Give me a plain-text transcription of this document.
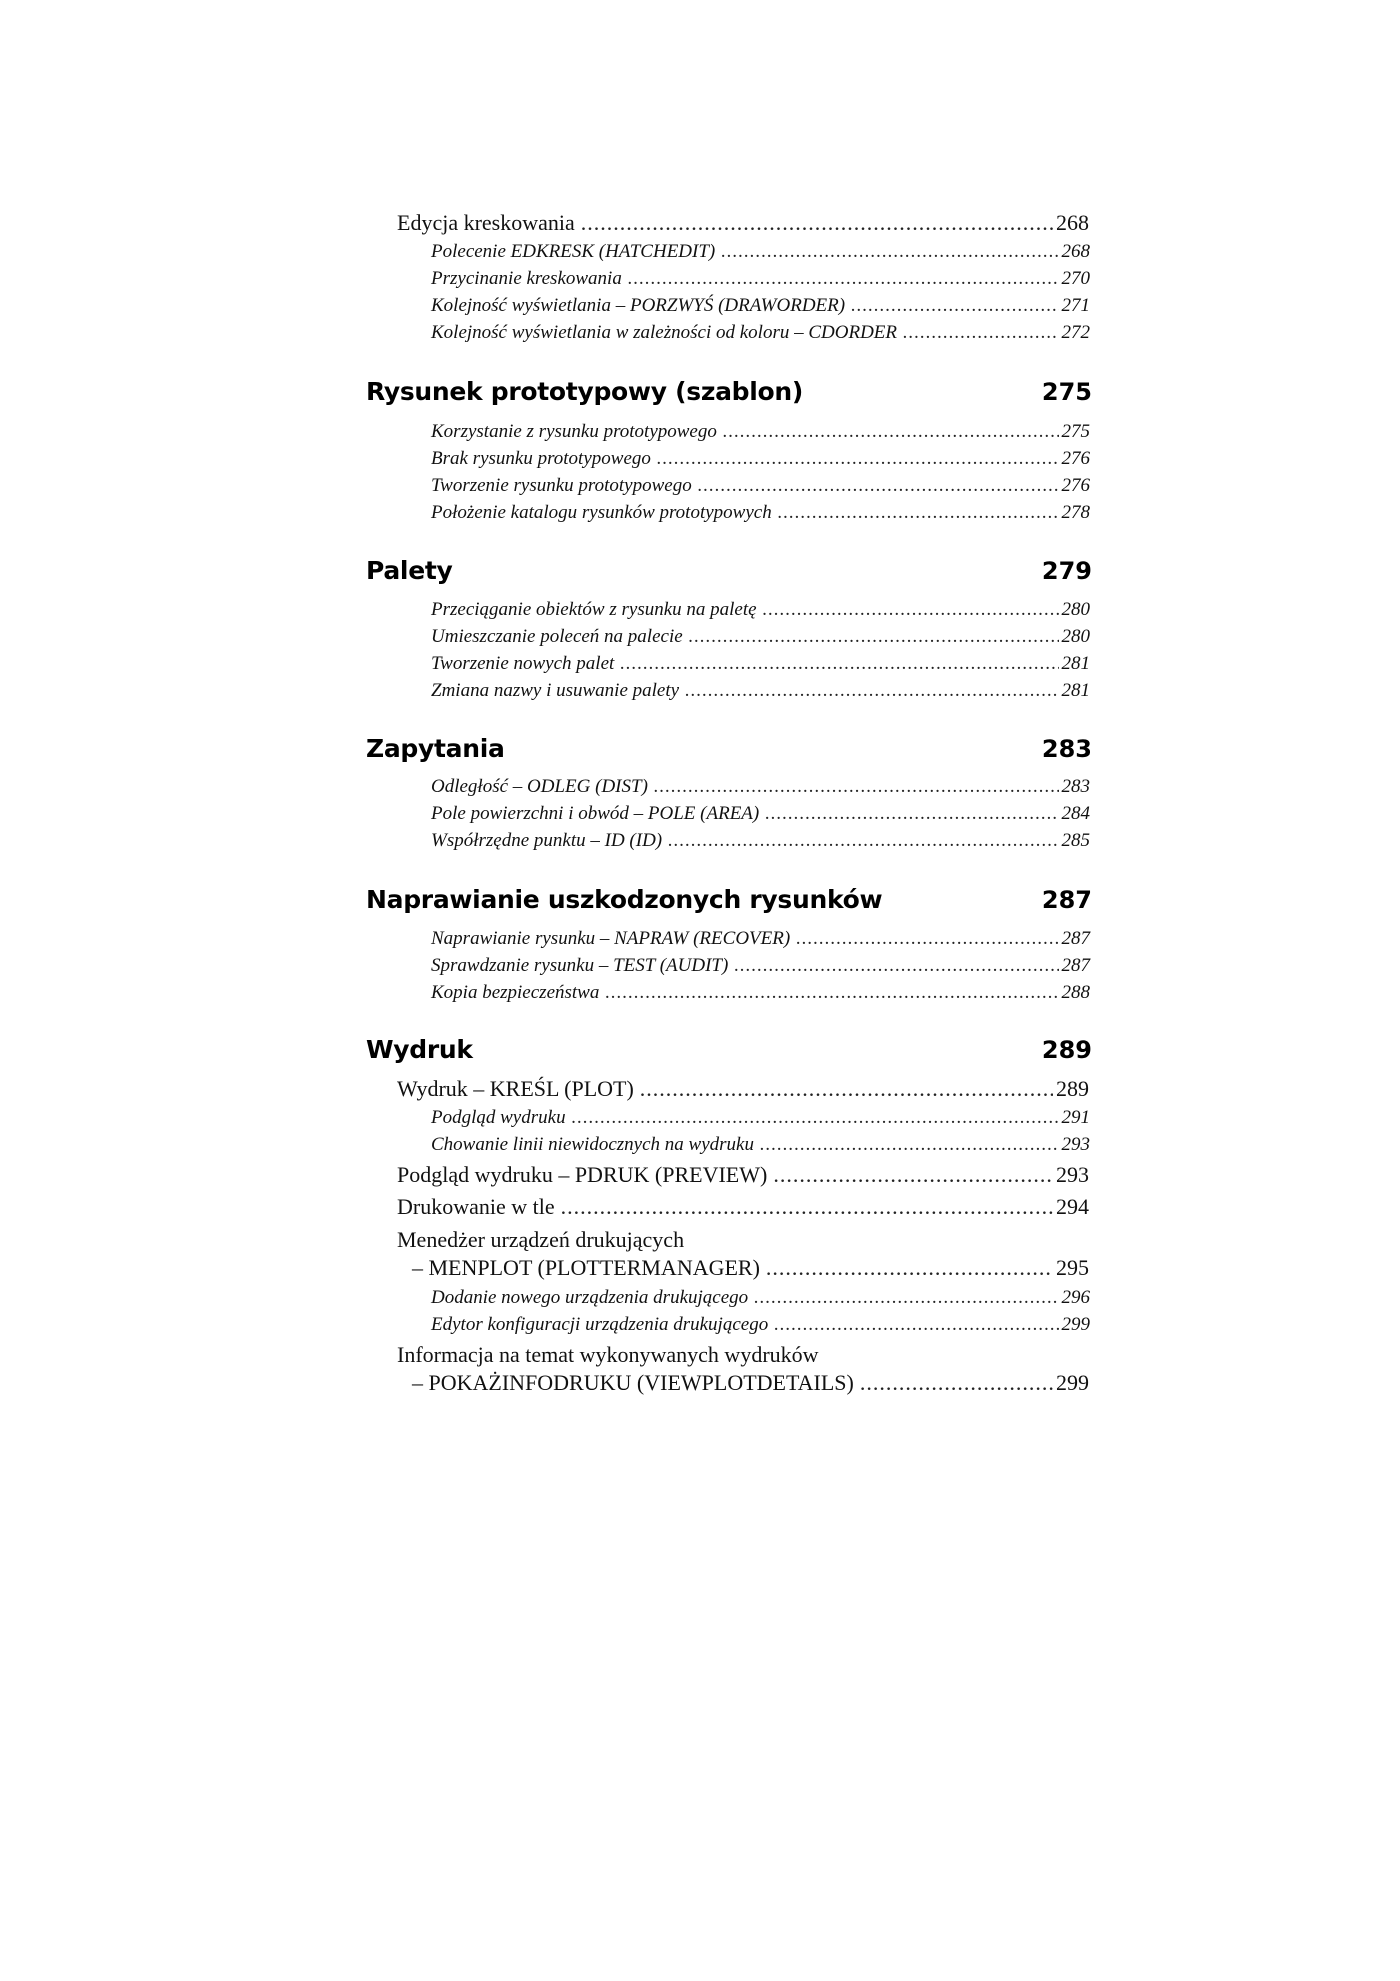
Edycja kreskowania .....	268
Polecenie EDKRESK (HATCHEDIT) .....	268
Przycinanie kreskowania .....	270
Kolejność wyświetlania – PORZWYŚ (DRAWORDER) .....	271
Kolejność wyświetlania w zależności od koloru – CDORDER .....	272
Rysunek prototypowy (szablon)	275
Korzystanie z rysunku prototypowego .....	275
Brak rysunku prototypowego .....	276
Tworzenie rysunku prototypowego .....	276
Położenie katalogu rysunków prototypowych .....	278
Palety	279
Przeciąganie obiektów z rysunku na paletę .....	280
Umieszczanie poleceń na palecie .....	280
Tworzenie nowych palet .....	281
Zmiana nazwy i usuwanie palety .....	281
Zapytania	283
Odległość – ODLEG (DIST) .....	283
Pole powierzchni i obwód – POLE (AREA) .....	284
Współrzędne punktu – ID (ID) .....	285
Naprawianie uszkodzonych rysunków	287
Naprawianie rysunku – NAPRAW (RECOVER) .....	287
Sprawdzanie rysunku – TEST (AUDIT) .....	287
Kopia bezpieczeństwa .....	288
Wydruk	289
Wydruk – KREŚL (PLOT) .....	289
Podgląd wydruku .....	291
Chowanie linii niewidocznych na wydruku .....	293
Podgląd wydruku – PDRUK (PREVIEW) .....	293
Drukowanie w tle .....	294
Menedżer urządzeń drukujących
– MENPLOT (PLOTTERMANAGER) .....	295
Dodanie nowego urządzenia drukującego .....	296
Edytor konfiguracji urządzenia drukującego .....	299
Informacja na temat wykonywanych wydruków
– POKAŻINFODRUKU (VIEWPLOTDETAILS) .....	299
